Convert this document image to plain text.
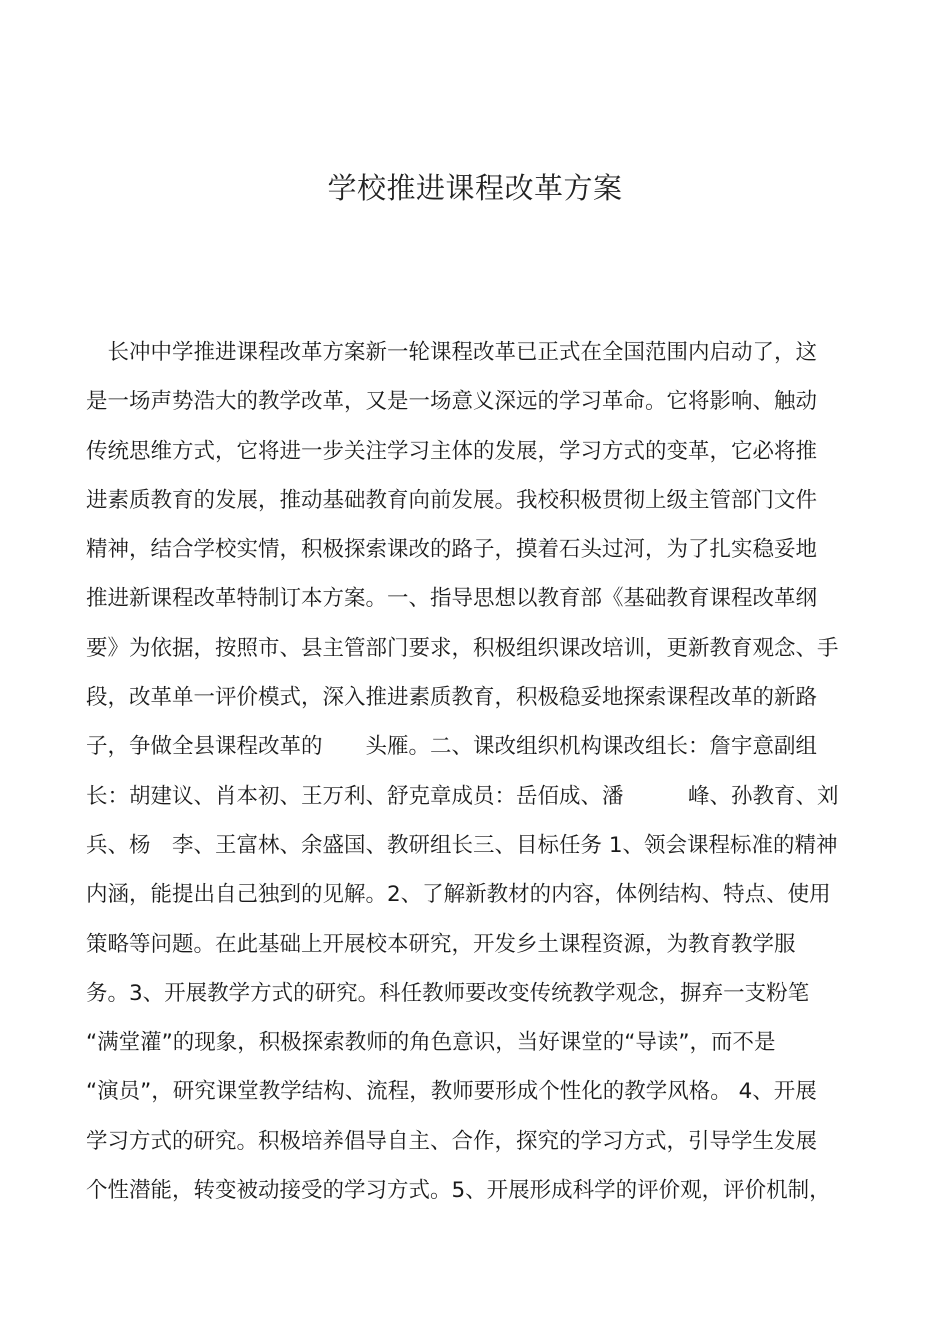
学校推进课程改革方案
　长冲中学推进课程改革方案新一轮课程改革已正式在全国范围内启动了，这
是一场声势浩大的教学改革，又是一场意义深远的学习革命。它将影响、触动
传统思维方式，它将进一步关注学习主体的发展，学习方式的变革，它必将推
进素质教育的发展，推动基础教育向前发展。我校积极贯彻上级主管部门文件
精神，结合学校实情，积极探索课改的路子，摸着石头过河，为了扎实稳妥地
推进新课程改革特制订本方案。一、指导思想以教育部《基础教育课程改革纲
要》为依据，按照市、县主管部门要求，积极组织课改培训，更新教育观念、手
段，改革单一评价模式，深入推进素质教育，积极稳妥地探索课程改革的新路
子，争做全县课程改革的　　头雁。二、课改组织机构课改组长：詹宇意副组
长：胡建议、肖本初、王万利、舒克章成员：岳佰成、潘　　　峰、孙教育、刘
兵、杨　李、王富林、余盛国、教研组长三、目标任务 1、领会课程标准的精神
内涵，能提出自己独到的见解。2、了解新教材的内容，体例结构、特点、使用
策略等问题。在此基础上开展校本研究，开发乡土课程资源，为教育教学服
务。3、开展教学方式的研究。科任教师要改变传统教学观念，摒弃一支粉笔
“满堂灌”的现象，积极探索教师的角色意识，当好课堂的“导读”，而不是
“演员”，研究课堂教学结构、流程，教师要形成个性化的教学风格。 4、开展
学习方式的研究。积极培养倡导自主、合作，探究的学习方式，引导学生发展
个性潜能，转变被动接受的学习方式。5、开展形成科学的评价观，评价机制，
